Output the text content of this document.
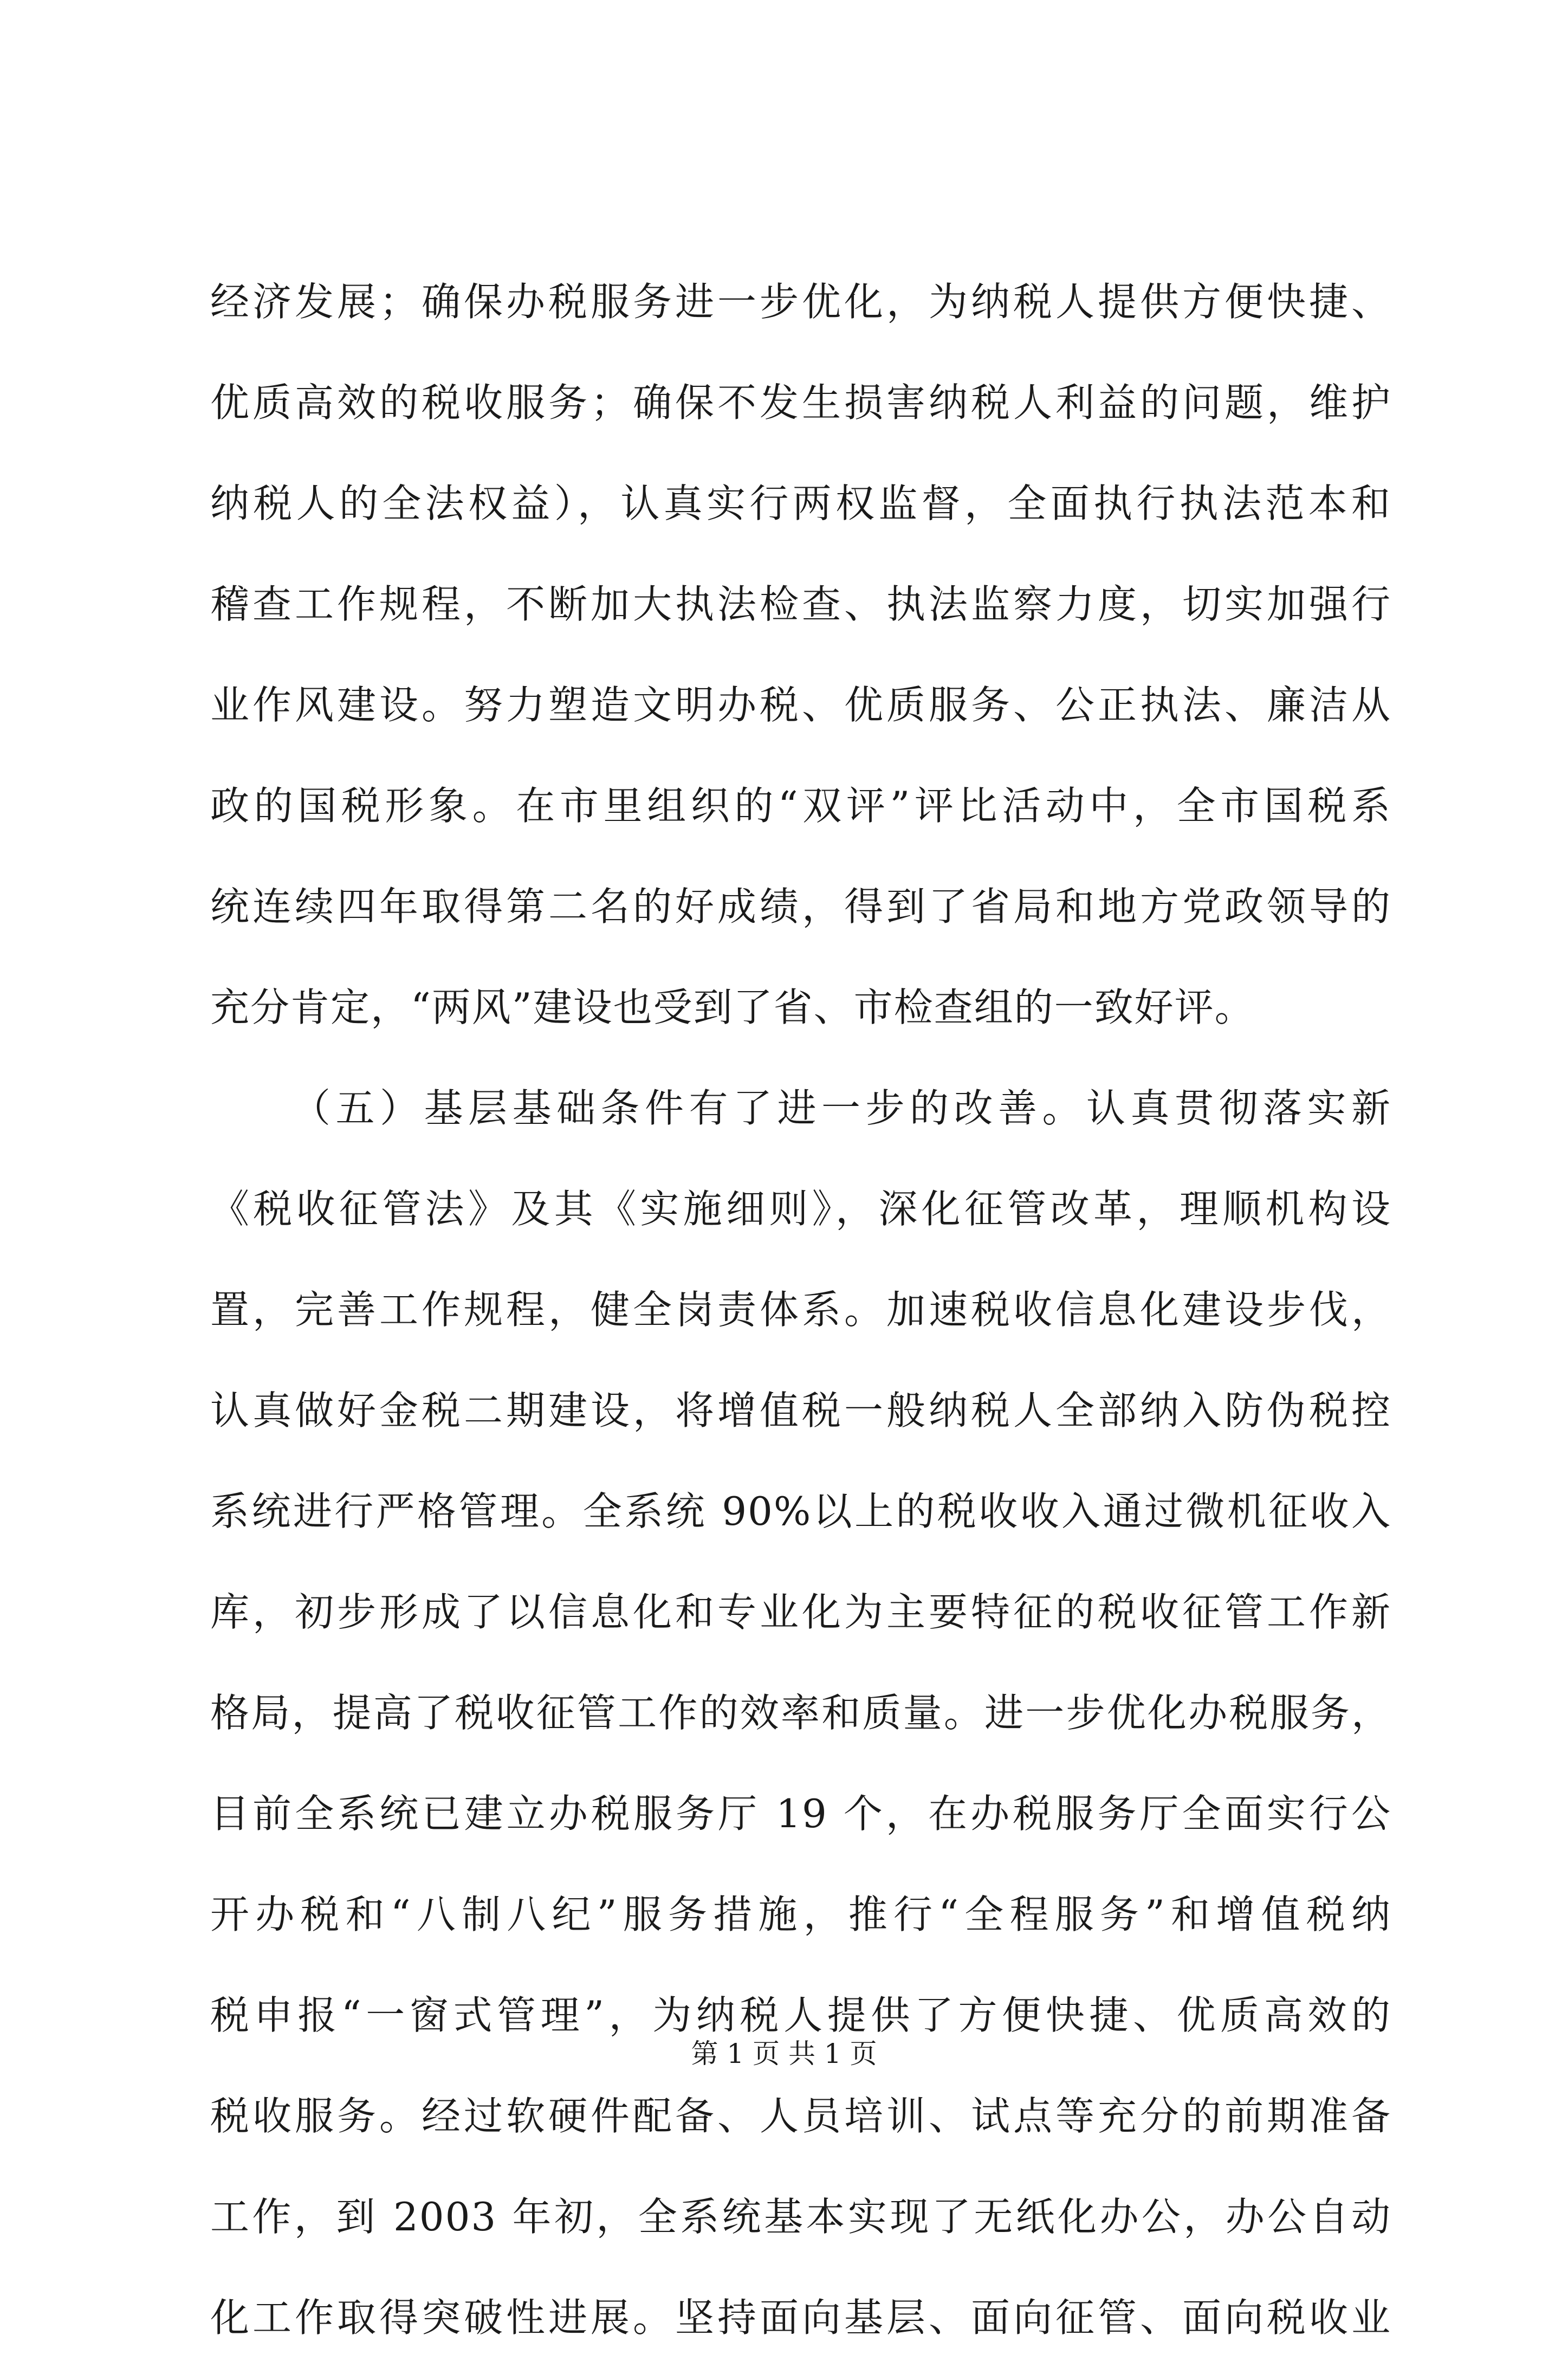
经济发展；确保办税服务进一步优化，为纳税人提供方便快捷、
优质高效的税收服务；确保不发生损害纳税人利益的问题，维护
纳税人的全法权益），认真实行两权监督，全面执行执法范本和
稽查工作规程，不断加大执法检查、执法监察力度，切实加强行
业作风建设。努力塑造文明办税、优质服务、公正执法、廉洁从
政的国税形象。在市里组织的“双评”评比活动中，全市国税系
统连续四年取得第二名的好成绩，得到了省局和地方党政领导的
充分肯定，“两风”建设也受到了省、市检查组的一致好评。
（五）基层基础条件有了进一步的改善。认真贯彻落实新
《税收征管法》及其《实施细则》，深化征管改革，理顺机构设
置，完善工作规程，健全岗责体系。加速税收信息化建设步伐，
认真做好金税二期建设，将增值税一般纳税人全部纳入防伪税控
系统进行严格管理。全系统 90%以上的税收收入通过微机征收入
库，初步形成了以信息化和专业化为主要特征的税收征管工作新
格局，提高了税收征管工作的效率和质量。进一步优化办税服务，
目前全系统已建立办税服务厅 19 个，在办税服务厅全面实行公
开办税和“八制八纪”服务措施，推行“全程服务”和增值税纳
税申报“一窗式管理”，为纳税人提供了方便快捷、优质高效的
税收服务。经过软硬件配备、人员培训、试点等充分的前期准备
工作，到 2003 年初，全系统基本实现了无纸化办公，办公自动
化工作取得突破性进展。坚持面向基层、面向征管、面向税收业
第 1 页 共 1 页
